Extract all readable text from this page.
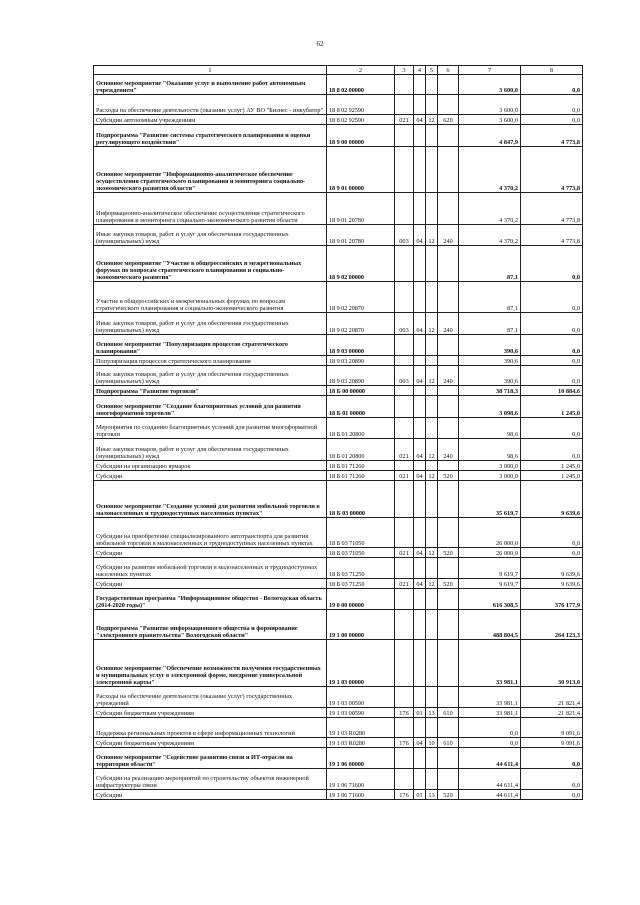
62
1	2	3	4	5	6	7	8
Основное мероприятие "Оказание услуг и выполнение работ автономным учреждением"	18 8 02 00000					3 600,0	0,0
Расходы на обеспечение деятельности (оказание услуг) АУ ВО "Бизнес - инкубатор"	18 8 02 92590					3 600,0	0,0
Субсидии автономным учреждениям	18 8 02 92590	021	04	12	620	3 600,0	0,0
Подпрограмма "Развитие системы стратегического планирования и оценки регулирующего воздействия"	18 9 00 00000					4 847,9	4 773,8
Основное мероприятие "Информационно-аналитическое обеспечение осуществления стратегического планирования и мониторинга социально-экономического развития области"	18 9 01 00000					4 370,2	4 773,8
Информационно-аналитическое обеспечение осуществления стратегического планирования и мониторинга социально-экономического развития области	18 9 01 20780					4 370,2	4 773,8
Иные закупки товаров, работ и услуг для обеспечения государственных (муниципальных) нужд	18 9 01 20780	003	04	12	240	4 370,2	4 773,8
Основное мероприятие "Участие в общероссийских и межрегиональных форумах по вопросам стратегического планирования и социально-экономического развития"	18 9 02 00000					87,1	0,0
Участие в общероссийских и межрегиональных форумах по вопросам стратегического планирования и социально-экономического развития	18 9 02 20870					87,1	0,0
Иные закупки товаров, работ и услуг для обеспечения государственных (муниципальных) нужд	18 9 02 20870	003	04	12	240	87,1	0,0
Основное мероприятие "Популяризация процессов стратегического планирования"	18 9 03 00000					390,6	0,0
Популяризация процессов стратегического планирования	18 9 03 20890					390,6	0,0
Иные закупки товаров, работ и услуг для обеспечения государственных (муниципальных) нужд	18 9 03 20890	003	04	12	240	390,6	0,0
Подпрограмма "Развитие торговли"	18 Б 00 00000					38 718,3	10 884,6
Основное мероприятие "Создание благоприятных условий для развития многоформатной торговли"	18 Б 01 00000					3 098,6	1 245,0
Мероприятия по созданию благоприятных условий для развития многоформатной торговли	18 Б 01 20800					98,6	0,0
Иные закупки товаров, работ и услуг для обеспечения государственных (муниципальных) нужд	18 Б 01 20800	021	04	12	240	98,6	0,0
Субсидии на организацию ярмарок	18 Б 01 71260					3 000,0	1 245,0
Субсидии	18 Б 01 71260	021	04	12	520	3 000,0	1 245,0
Основное мероприятие "Создание условий для развития мобильной торговли в малонаселенных и труднодоступных населенных пунктах"	18 Б 03 00000					35 619,7	9 639,6
Субсидии на приобретение специализированного автотранспорта для развития мобильной торговли в малонаселенных и труднодоступных населенных пунктах	18 Б 03 71050					26 000,0	0,0
Субсидии	18 Б 03 71050	021	04	12	520	26 000,0	0,0
Субсидии на развитие мобильной торговли в малонаселенных и труднодоступных населенных пунктах	18 Б 03 71250					9 619,7	9 639,6
Субсидии	18 Б 03 71250	021	04	12	520	9 619,7	9 639,6
Государственная программа "Информационное общество - Вологодская область (2014-2020 годы)"	19 0 00 00000					616 308,5	376 177,9
Подпрограмма "Развитие информационного общества и формирование "электронного правительства" Вологодской области"	19 1 00 00000					488 804,5	264 123,3
Основное мероприятие "Обеспечение возможности получения государственных и муниципальных услуг в электронной форме, внедрение универсальной электронной карты"	19 1 03 00000					33 981,1	30 913,0
Расходы на обеспечение деятельности (оказание услуг) государственных учреждений	19 1 03 00590					33 981,1	21 821,4
Субсидии бюджетным учреждениям	19 1 03 00590	176	01	13	610	33 981,1	21 821,4
Поддержка региональных проектов в сфере информационных технологий	19 1 03 R0280					0,0	9 091,6
Субсидии бюджетным учреждениям	19 1 03 R0280	176	04	10	610	0,0	9 091,6
Основное мероприятие "Содействие развитию связи и ИТ-отрасли на территории области"	19 1 06 00000					44 611,4	0,0
Субсидии на реализацию мероприятий по строительству объектов инженерной инфраструктуры связи	19 1 06 71600					44 611,4	0,0
Субсидии	19 1 06 71600	176	01	13	520	44 611,4	0,0
